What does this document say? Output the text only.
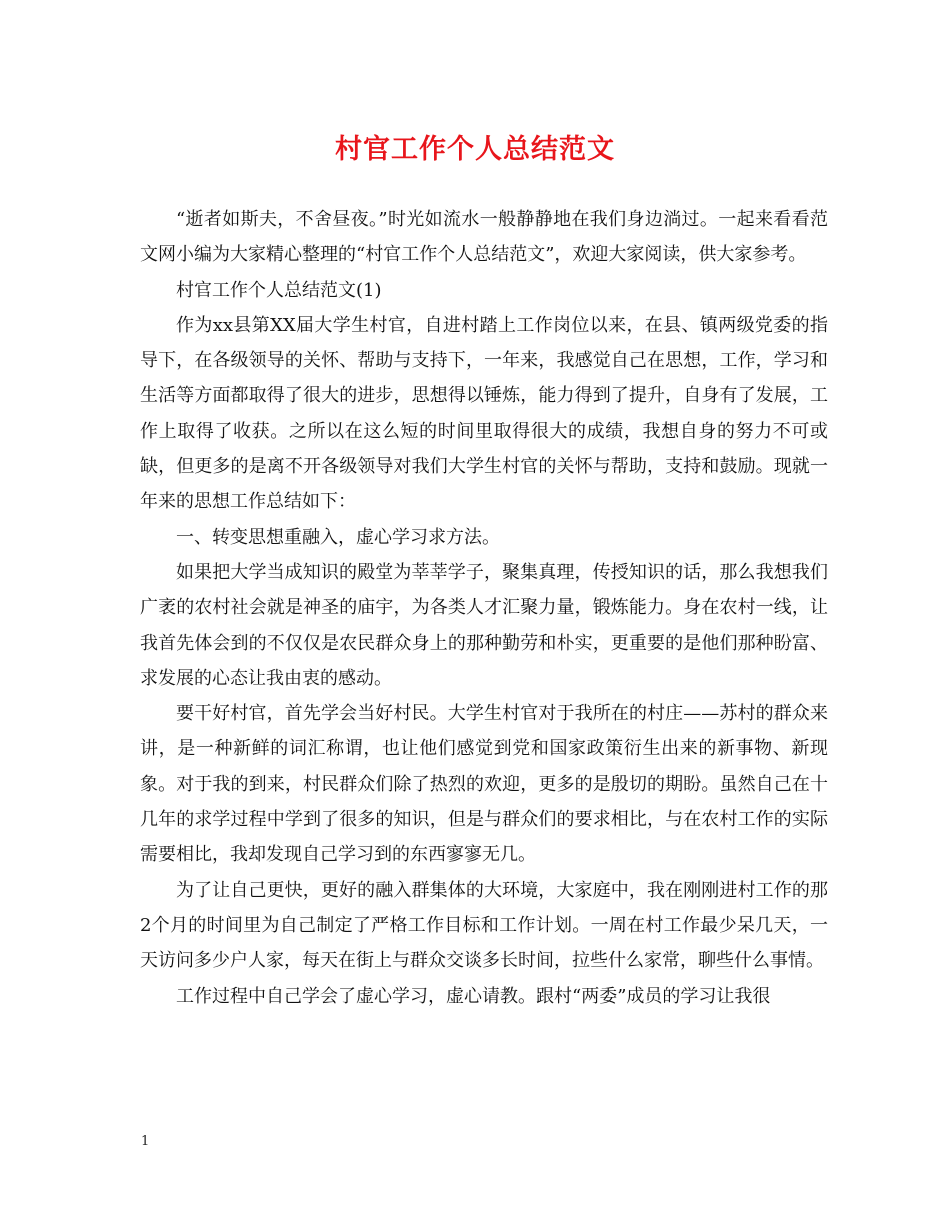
村官工作个人总结范文

“逝者如斯夫，不舍昼夜。”时光如流水一般静静地在我们身边淌过。一起来看看范文网小编为大家精心整理的“村官工作个人总结范文”，欢迎大家阅读，供大家参考。

村官工作个人总结范文(1)

作为xx县第XX届大学生村官，自进村踏上工作岗位以来，在县、镇两级党委的指导下，在各级领导的关怀、帮助与支持下，一年来，我感觉自己在思想，工作，学习和生活等方面都取得了很大的进步，思想得以锤炼，能力得到了提升，自身有了发展，工作上取得了收获。之所以在这么短的时间里取得很大的成绩，我想自身的努力不可或缺，但更多的是离不开各级领导对我们大学生村官的关怀与帮助，支持和鼓励。现就一年来的思想工作总结如下：

一、转变思想重融入，虚心学习求方法。

如果把大学当成知识的殿堂为莘莘学子，聚集真理，传授知识的话，那么我想我们广袤的农村社会就是神圣的庙宇，为各类人才汇聚力量，锻炼能力。身在农村一线，让我首先体会到的不仅仅是农民群众身上的那种勤劳和朴实，更重要的是他们那种盼富、求发展的心态让我由衷的感动。

要干好村官，首先学会当好村民。大学生村官对于我所在的村庄——苏村的群众来讲，是一种新鲜的词汇称谓，也让他们感觉到党和国家政策衍生出来的新事物、新现象。对于我的到来，村民群众们除了热烈的欢迎，更多的是殷切的期盼。虽然自己在十几年的求学过程中学到了很多的知识，但是与群众们的要求相比，与在农村工作的实际需要相比，我却发现自己学习到的东西寥寥无几。

为了让自己更快，更好的融入群集体的大环境，大家庭中，我在刚刚进村工作的那2个月的时间里为自己制定了严格工作目标和工作计划。一周在村工作最少呆几天，一天访问多少户人家，每天在街上与群众交谈多长时间，拉些什么家常，聊些什么事情。

工作过程中自己学会了虚心学习，虚心请教。跟村“两委”成员的学习让我很

1
